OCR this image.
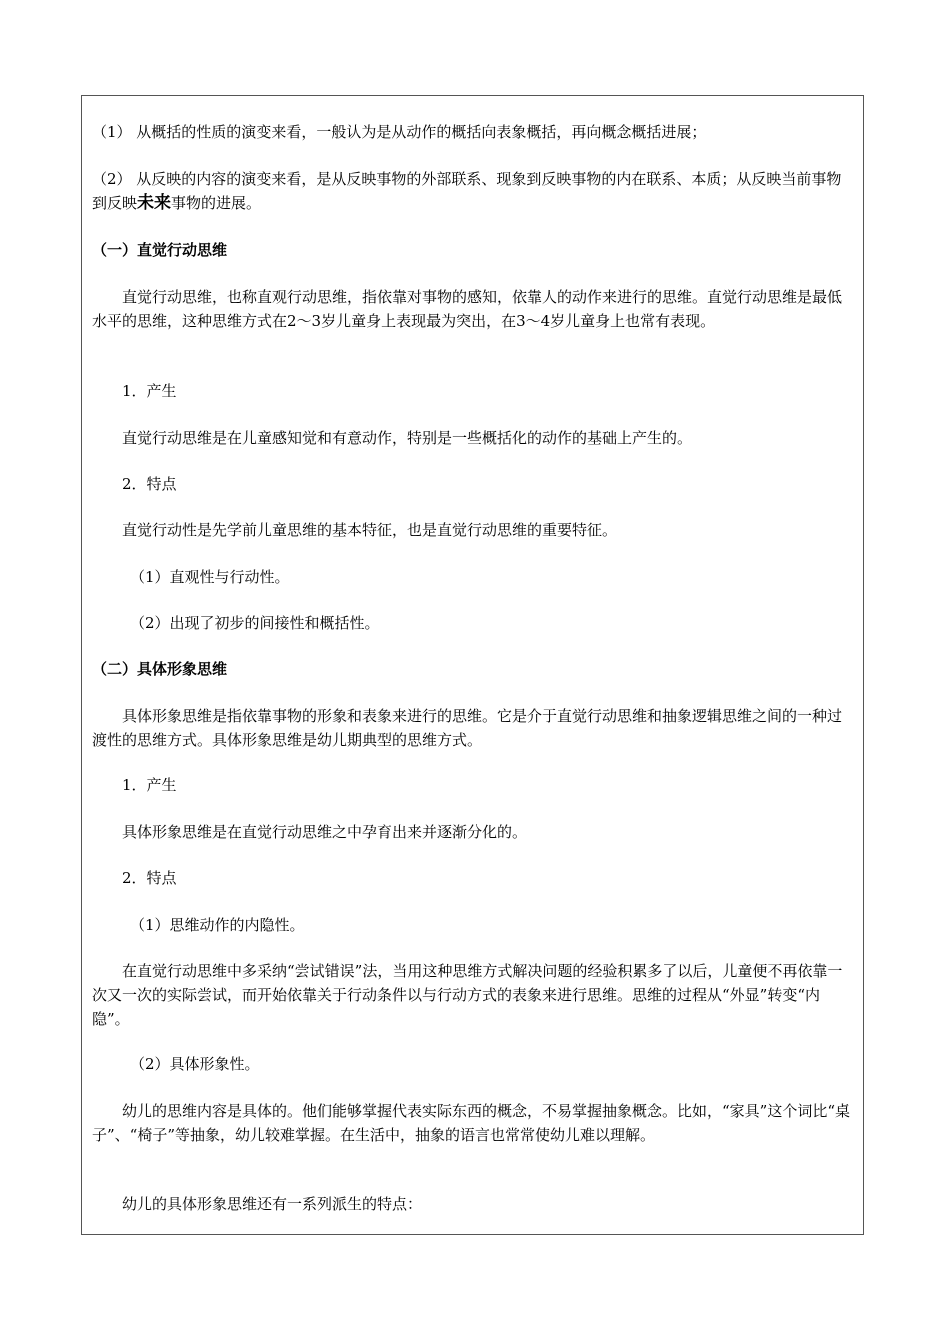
（1） 从概括的性质的演变来看，一般认为是从动作的概括向表象概括，再向概念概括进展；

（2） 从反映的内容的演变来看，是从反映事物的外部联系、现象到反映事物的内在联系、本质；从反映当前事物到反映未来事物的进展。

（一）直觉行动思维

直觉行动思维，也称直观行动思维，指依靠对事物的感知，依靠人的动作来进行的思维。直觉行动思维是最低水平的思维，这种思维方式在2～3岁儿童身上表现最为突出，在3～4岁儿童身上也常有表现。

1．产生

直觉行动思维是在儿童感知觉和有意动作，特别是一些概括化的动作的基础上产生的。

2．特点

直觉行动性是先学前儿童思维的基本特征，也是直觉行动思维的重要特征。

（1）直观性与行动性。

（2）出现了初步的间接性和概括性。

（二）具体形象思维

具体形象思维是指依靠事物的形象和表象来进行的思维。它是介于直觉行动思维和抽象逻辑思维之间的一种过渡性的思维方式。具体形象思维是幼儿期典型的思维方式。

1．产生

具体形象思维是在直觉行动思维之中孕育出来并逐渐分化的。

2．特点

（1）思维动作的内隐性。

在直觉行动思维中多采纳“尝试错误”法，当用这种思维方式解决问题的经验积累多了以后，儿童便不再依靠一次又一次的实际尝试，而开始依靠关于行动条件以与行动方式的表象来进行思维。思维的过程从“外显”转变“内隐”。

（2）具体形象性。

幼儿的思维内容是具体的。他们能够掌握代表实际东西的概念，不易掌握抽象概念。比如，“家具”这个词比“桌子”、“椅子”等抽象，幼儿较难掌握。在生活中，抽象的语言也常常使幼儿难以理解。

幼儿的具体形象思维还有一系列派生的特点：
